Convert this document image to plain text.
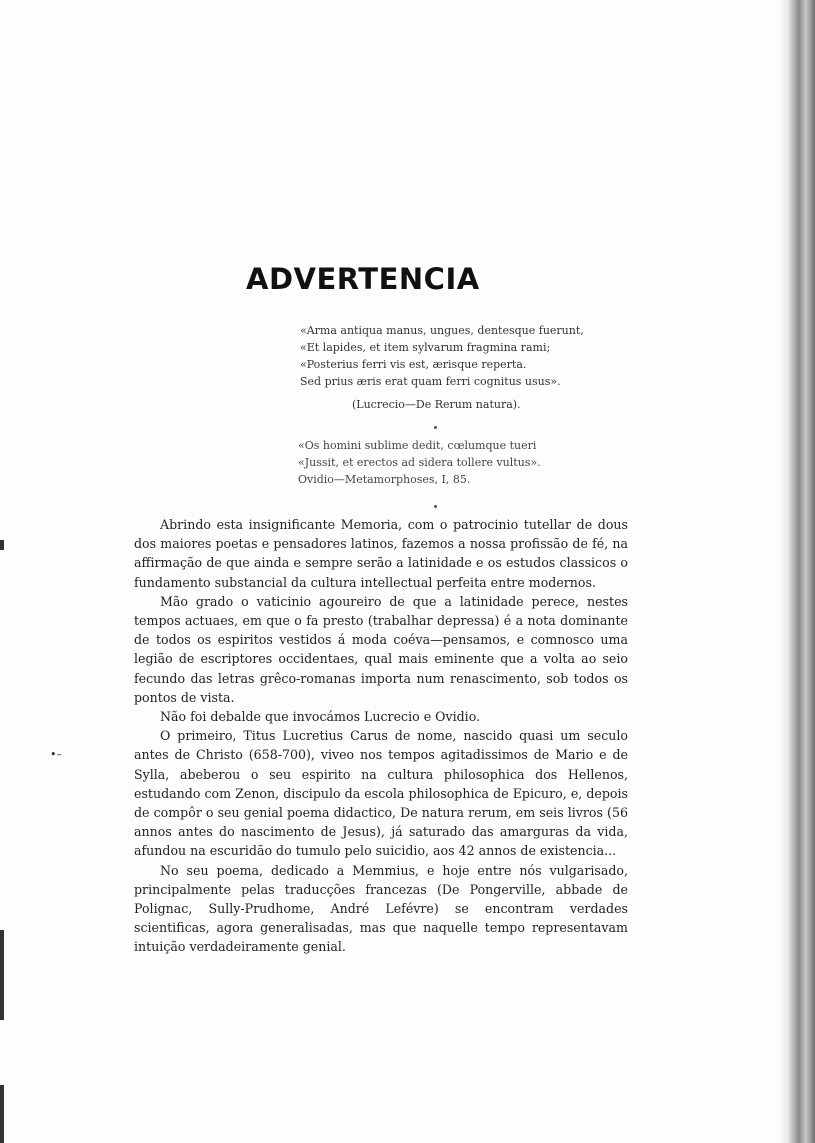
ADVERTENCIA
«Arma antiqua manus, ungues, dentesque fuerunt,
«Et lapides, et item sylvarum fragmina rami;
«Posterius ferri vis est, ærisque reperta.
Sed prius æris erat quam ferri cognitus usus».
(Lucrecio—De Rerum natura).
«Os homini sublime dedit, cœlumque tueri
«Jussit, et erectos ad sidera tollere vultus».
Ovidio—Metamorphoses, I, 85.
•–

Abrindo esta insignificante Memoria, com o patrocinio tutellar de dous dos maiores poetas e pensadores latinos, fazemos a nossa profissão de fé, na affirmação de que ainda e sempre serão a latinidade e os estudos classicos o fundamento substancial da cultura intellectual perfeita entre modernos.

Mão grado o vaticinio agoureiro de que a latinidade perece, nestes tempos actuaes, em que o fa presto (trabalhar depressa) é a nota dominante de todos os espiritos vestidos á moda coéva—pensamos, e comnosco uma legião de escriptores occidentaes, qual mais eminente que a volta ao seio fecundo das letras grêco-romanas importa num renascimento, sob todos os pontos de vista.

Não foi debalde que invocámos Lucrecio e Ovidio.

O primeiro, Titus Lucretius Carus de nome, nascido quasi um seculo antes de Christo (658-700), viveo nos tempos agitadissimos de Mario e de Sylla, abeberou o seu espirito na cultura philosophica dos Hellenos, estudando com Zenon, discipulo da escola philosophica de Epicuro, e, depois de compôr o seu genial poema didactico, De natura rerum, em seis livros (56 annos antes do nascimento de Jesus), já saturado das amarguras da vida, afundou na escuridão do tumulo pelo suicidio, aos 42 annos de existencia...

No seu poema, dedicado a Memmius, e hoje entre nós vulgarisado, principalmente pelas traducções francezas (De Pongerville, abbade de Polignac, Sully-Prudhome, André Lefévre) se encontram verdades scientificas, agora generalisadas, mas que naquelle tempo representavam intuição verdadeiramente genial.
